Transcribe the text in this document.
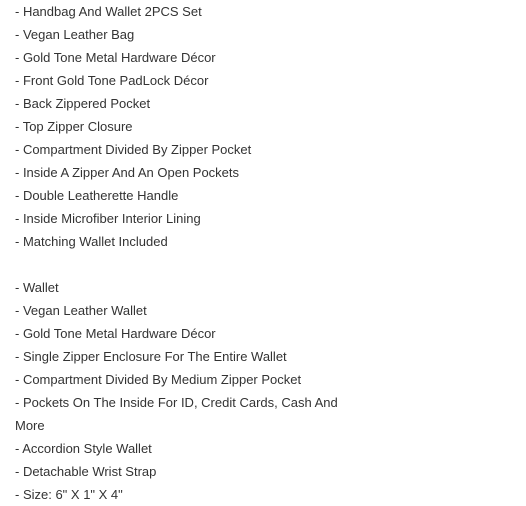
- Handbag And Wallet 2PCS Set
- Vegan Leather Bag
- Gold Tone Metal Hardware Décor
- Front Gold Tone PadLock Décor
- Back Zippered Pocket
- Top Zipper Closure
- Compartment Divided By Zipper Pocket
- Inside A Zipper And An Open Pockets
- Double Leatherette Handle
- Inside Microfiber Interior Lining
- Matching Wallet Included
- Wallet
- Vegan Leather Wallet
- Gold Tone Metal Hardware Décor
- Single Zipper Enclosure For The Entire Wallet
- Compartment Divided By Medium Zipper Pocket
- Pockets On The Inside For ID, Credit Cards, Cash And
More
- Accordion Style Wallet
- Detachable Wrist Strap
- Size: 6" X 1" X 4"
